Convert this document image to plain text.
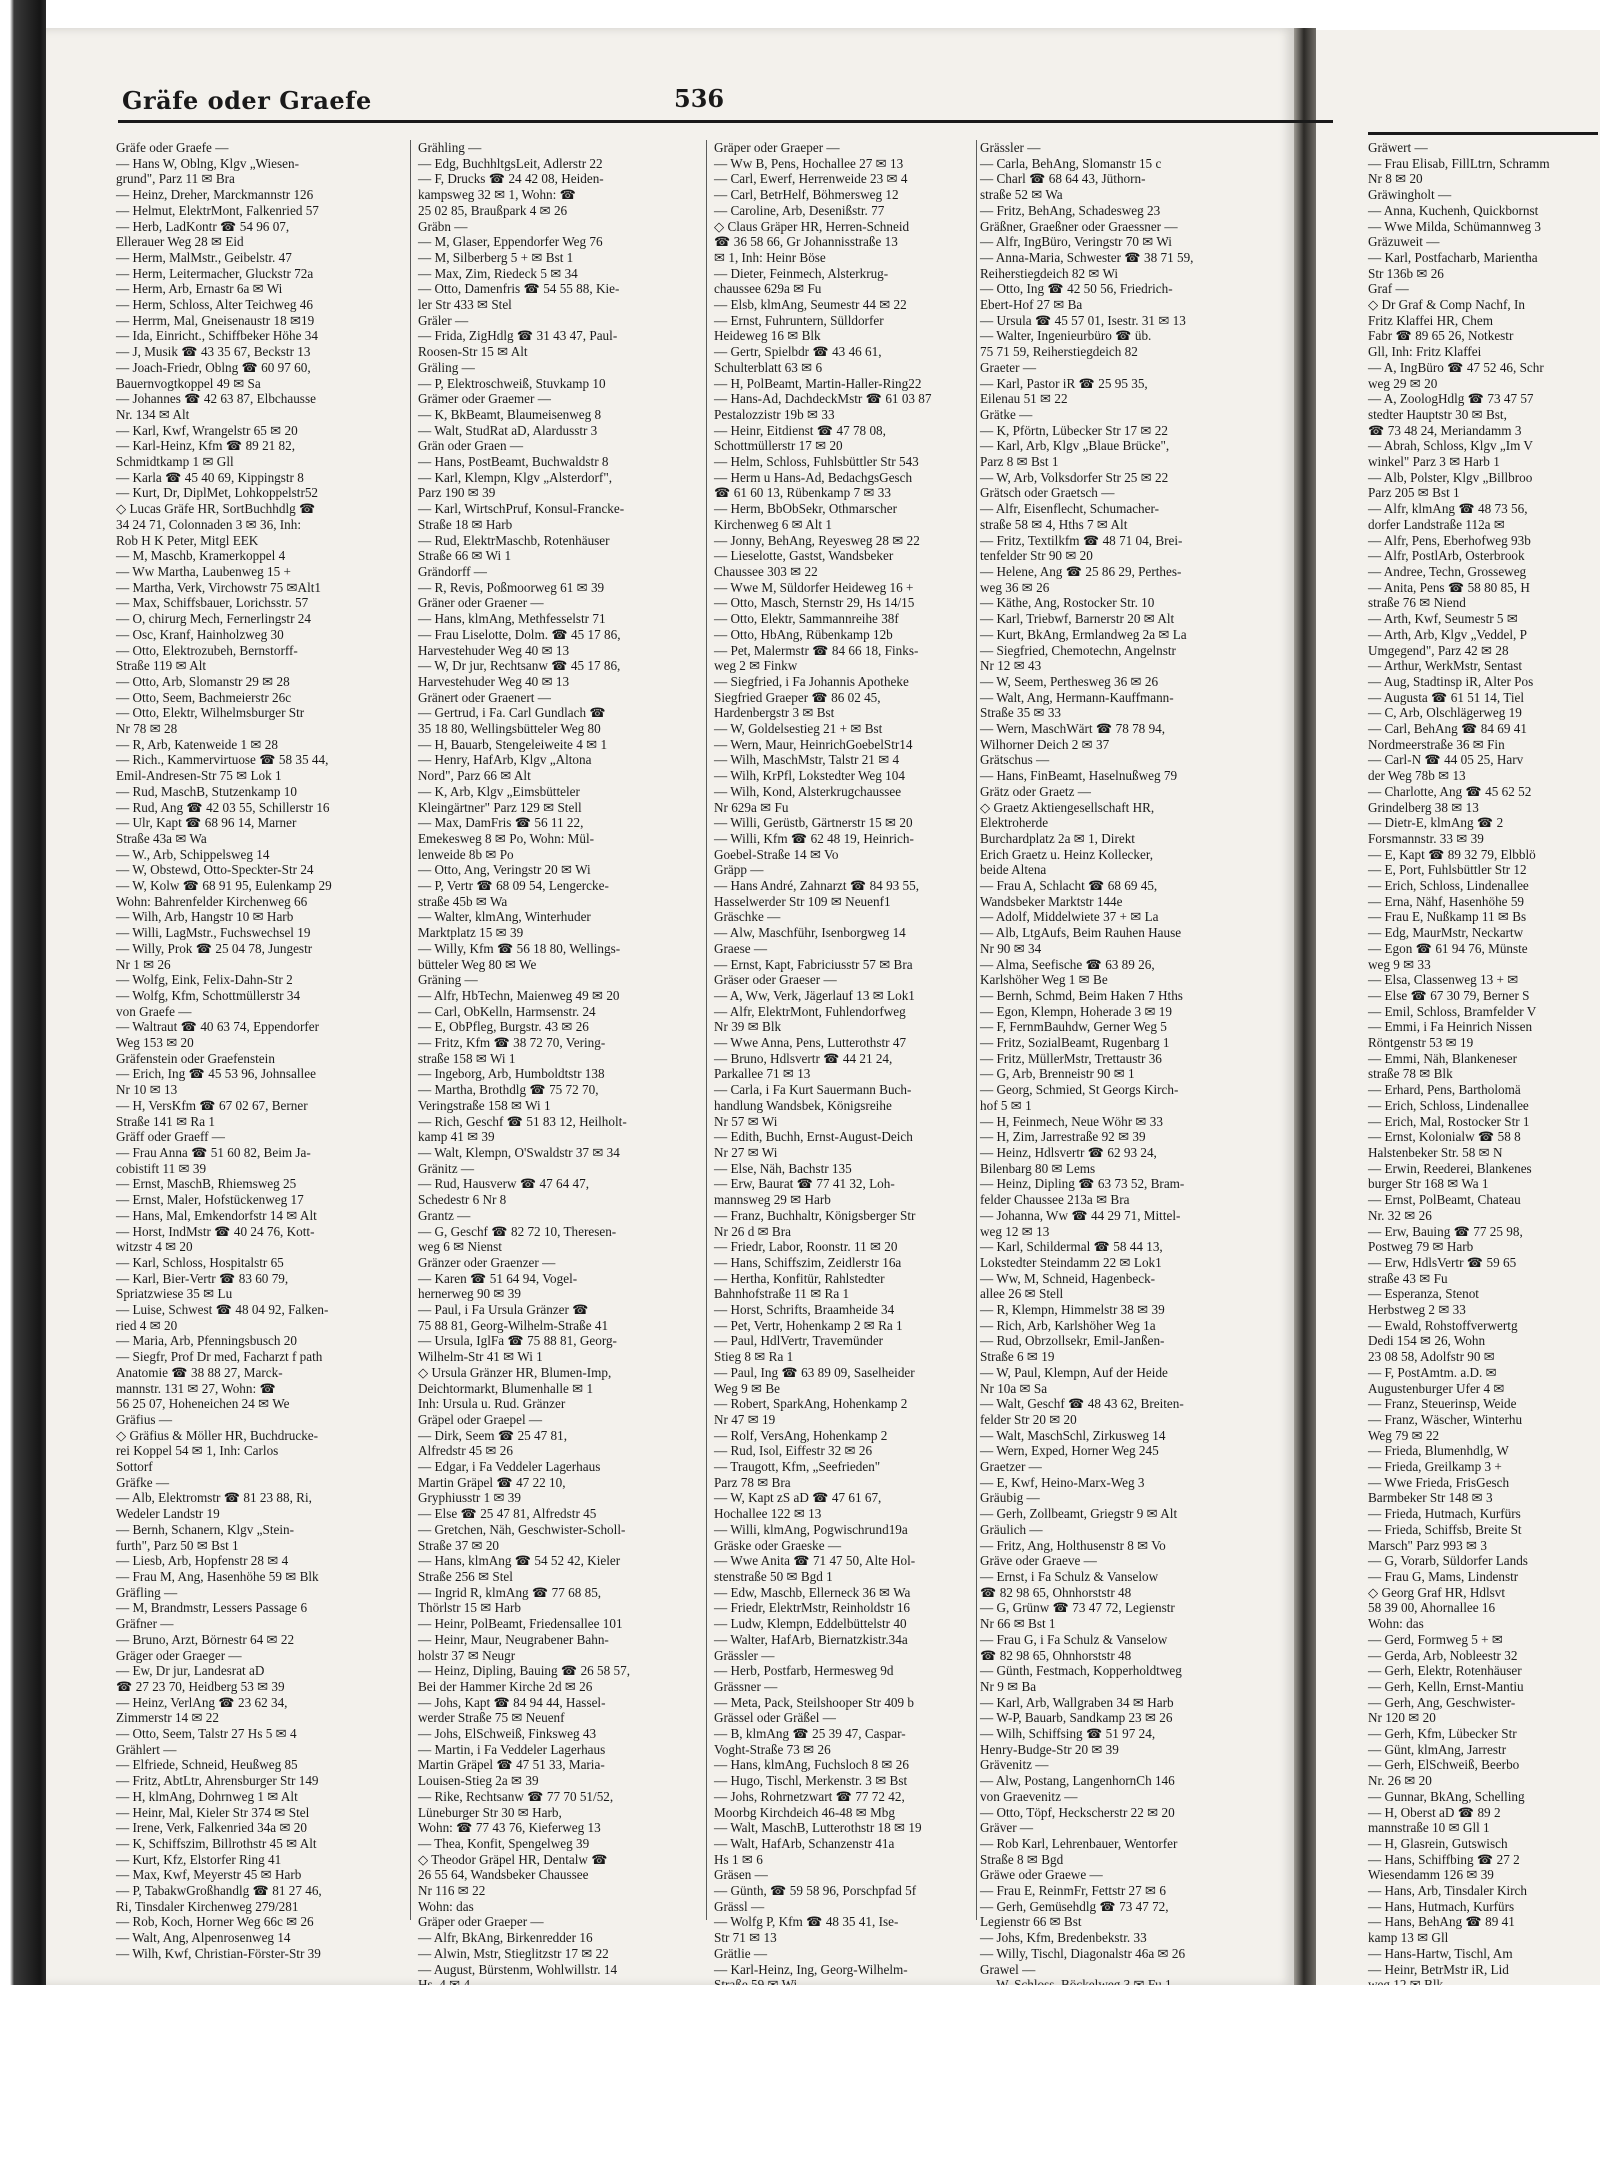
Gräfe oder Graefe	536
Gräfe oder Graefe —
— Hans W, Oblng, Klgv „Wiesen-
grund", Parz 11 ✉ Bra
— Heinz, Dreher, Marckmannstr 126
— Helmut, ElektrMont, Falkenried 57
— Herb, LadKontr ☎ 54 96 07,
Ellerauer Weg 28 ✉ Eid
— Herm, MalMstr., Geibelstr. 47
— Herm, Leitermacher, Gluckstr 72a
— Herm, Arb, Ernastr 6a ✉ Wi
— Herm, Schloss, Alter Teichweg 46
— Herrm, Mal, Gneisenaustr 18 ✉19
— Ida, Einricht., Schiffbeker Höhe 34
— J, Musik ☎ 43 35 67, Beckstr 13
— Joach-Friedr, Oblng ☎ 60 97 60,
Bauernvogtkoppel 49 ✉ Sa
— Johannes ☎ 42 63 87, Elbchausse
Nr. 134 ✉ Alt
— Karl, Kwf, Wrangelstr 65 ✉ 20
— Karl-Heinz, Kfm ☎ 89 21 82,
Schmidtkamp 1 ✉ Gll
— Karla ☎ 45 40 69, Kippingstr 8
— Kurt, Dr, DiplMet, Lohkoppelstr52
◇ Lucas Gräfe HR, SortBuchhdlg ☎
34 24 71, Colonnaden 3 ✉ 36, Inh:
Rob H K Peter, Mitgl EEK
— M, Maschb, Kramerkoppel 4
— Ww Martha, Laubenweg 15 +
— Martha, Verk, Virchowstr 75 ✉Alt1
— Max, Schiffsbauer, Lorichsstr. 57
— O, chirurg Mech, Fernerlingstr 24
— Osc, Kranf, Hainholzweg 30
— Otto, Elektrozubeh, Bernstorff-
Straße 119 ✉ Alt
— Otto, Arb, Slomanstr 29 ✉ 28
— Otto, Seem, Bachmeierstr 26c
— Otto, Elektr, Wilhelmsburger Str
Nr 78 ✉ 28
— R, Arb, Katenweide 1 ✉ 28
— Rich., Kammervirtuose ☎ 58 35 44,
Emil-Andresen-Str 75 ✉ Lok 1
— Rud, MaschB, Stutzenkamp 10
— Rud, Ang ☎ 42 03 55, Schillerstr 16
— Ulr, Kapt ☎ 68 96 14, Marner
Straße 43a ✉ Wa
— W., Arb, Schippelsweg 14
— W, Obstewd, Otto-Speckter-Str 24
— W, Kolw ☎ 68 91 95, Eulenkamp 29
Wohn: Bahrenfelder Kirchenweg 66
— Wilh, Arb, Hangstr 10 ✉ Harb
— Willi, LagMstr., Fuchswechsel 19
— Willy, Prok ☎ 25 04 78, Jungestr
Nr 1 ✉ 26
— Wolfg, Eink, Felix-Dahn-Str 2
— Wolfg, Kfm, Schottmüllerstr 34
von Graefe —
— Waltraut ☎ 40 63 74, Eppendorfer
Weg 153 ✉ 20
Gräfenstein oder Graefenstein
— Erich, Ing ☎ 45 53 96, Johnsallee
Nr 10 ✉ 13
— H, VersKfm ☎ 67 02 67, Berner
Straße 141 ✉ Ra 1
Gräff oder Graeff —
— Frau Anna ☎ 51 60 82, Beim Ja-
cobistift 11 ✉ 39
— Ernst, MaschB, Rhiemsweg 25
— Ernst, Maler, Hofstückenweg 17
— Hans, Mal, Emkendorfstr 14 ✉ Alt
— Horst, IndMstr ☎ 40 24 76, Kott-
witzstr 4 ✉ 20
— Karl, Schloss, Hospitalstr 65
— Karl, Bier-Vertr ☎ 83 60 79,
Spriatzwiese 35 ✉ Lu
— Luise, Schwest ☎ 48 04 92, Falken-
ried 4 ✉ 20
— Maria, Arb, Pfenningsbusch 20
— Siegfr, Prof Dr med, Facharzt f path
Anatomie ☎ 38 88 27, Marck-
mannstr. 131 ✉ 27, Wohn: ☎
56 25 07, Hoheneichen 24 ✉ We
Gräfius —
◇ Gräfius & Möller HR, Buchdrucke-
rei Koppel 54 ✉ 1, Inh: Carlos
Sottorf
Gräfke —
— Alb, Elektromstr ☎ 81 23 88, Ri,
Wedeler Landstr 19
— Bernh, Schanern, Klgv „Stein-
furth", Parz 50 ✉ Bst 1
— Liesb, Arb, Hopfenstr 28 ✉ 4
— Frau M, Ang, Hasenhöhe 59 ✉ Blk
Gräfling —
— M, Brandmstr, Lessers Passage 6
Gräfner —
— Bruno, Arzt, Börnestr 64 ✉ 22
Gräger oder Graeger —
— Ew, Dr jur, Landesrat aD
☎ 27 23 70, Heidberg 53 ✉ 39
— Heinz, VerlAng ☎ 23 62 34,
Zimmerstr 14 ✉ 22
— Otto, Seem, Talstr 27 Hs 5 ✉ 4
Grählert —
— Elfriede, Schneid, Heußweg 85
— Fritz, AbtLtr, Ahrensburger Str 149
— H, klmAng, Dohrnweg 1 ✉ Alt
— Heinr, Mal, Kieler Str 374 ✉ Stel
— Irene, Verk, Falkenried 34a ✉ 20
— K, Schiffszim, Billrothstr 45 ✉ Alt
— Kurt, Kfz, Elstorfer Ring 41
— Max, Kwf, Meyerstr 45 ✉ Harb
— P, TabakwGroßhandlg ☎ 81 27 46,
Ri, Tinsdaler Kirchenweg 279/281
— Rob, Koch, Horner Weg 66c ✉ 26
— Walt, Ang, Alpenrosenweg 14
— Wilh, Kwf, Christian-Förster-Str 39
Grähling —
— Edg, BuchhltgsLeit, Adlerstr 22
— F, Drucks ☎ 24 42 08, Heiden-
kampsweg 32 ✉ 1, Wohn: ☎
25 02 85, Braußpark 4 ✉ 26
Gräbn —
— M, Glaser, Eppendorfer Weg 76
— M, Silberberg 5 + ✉ Bst 1
— Max, Zim, Riedeck 5 ✉ 34
— Otto, Damenfris ☎ 54 55 88, Kie-
ler Str 433 ✉ Stel
Gräler —
— Frida, ZigHdlg ☎ 31 43 47, Paul-
Roosen-Str 15 ✉ Alt
Gräling —
— P, Elektroschweiß, Stuvkamp 10
Grämer oder Graemer —
— K, BkBeamt, Blaumeisenweg 8
— Walt, StudRat aD, Alardusstr 3
Grän oder Graen —
— Hans, PostBeamt, Buchwaldstr 8
— Karl, Klempn, Klgv „Alsterdorf",
Parz 190 ✉ 39
— Karl, WirtschPruf, Konsul-Francke-
Straße 18 ✉ Harb
— Rud, ElektrMaschb, Rotenhäuser
Straße 66 ✉ Wi 1
Grändorff —
— R, Revis, Poßmoorweg 61 ✉ 39
Gräner oder Graener —
— Hans, klmAng, Methfesselstr 71
— Frau Liselotte, Dolm. ☎ 45 17 86,
Harvestehuder Weg 40 ✉ 13
— W, Dr jur, Rechtsanw ☎ 45 17 86,
Harvestehuder Weg 40 ✉ 13
Gränert oder Graenert —
— Gertrud, i Fa. Carl Gundlach ☎
35 18 80, Wellingsbütteler Weg 80
— H, Bauarb, Stengeleiweite 4 ✉ 1
— Henry, HafArb, Klgv „Altona
Nord", Parz 66 ✉ Alt
— K, Arb, Klgv „Eimsbütteler
Kleingärtner" Parz 129 ✉ Stell
— Max, DamFris ☎ 56 11 22,
Emekesweg 8 ✉ Po, Wohn: Mül-
lenweide 8b ✉ Po
— Otto, Ang, Veringstr 20 ✉ Wi
— P, Vertr ☎ 68 09 54, Lengercke-
straße 45b ✉ Wa
— Walter, klmAng, Winterhuder
Marktplatz 15 ✉ 39
— Willy, Kfm ☎ 56 18 80, Wellings-
bütteler Weg 80 ✉ We
Gräning —
— Alfr, HbTechn, Maienweg 49 ✉ 20
— Carl, ObKelln, Harmsenstr. 24
— E, ObPfleg, Burgstr. 43 ✉ 26
— Fritz, Kfm ☎ 38 72 70, Vering-
straße 158 ✉ Wi 1
— Ingeborg, Arb, Humboldtstr 138
— Martha, Brothdlg ☎ 75 72 70,
Veringstraße 158 ✉ Wi 1
— Rich, Geschf ☎ 51 83 12, Heilholt-
kamp 41 ✉ 39
— Walt, Klempn, O'Swaldstr 37 ✉ 34
Gränitz —
— Rud, Hausverw ☎ 47 64 47,
Schedestr 6 Nr 8
Grantz —
— G, Geschf ☎ 82 72 10, Theresen-
weg 6 ✉ Nienst
Gränzer oder Graenzer —
— Karen ☎ 51 64 94, Vogel-
hernerweg 90 ✉ 39
— Paul, i Fa Ursula Gränzer ☎
75 88 81, Georg-Wilhelm-Straße 41
— Ursula, IglFa ☎ 75 88 81, Georg-
Wilhelm-Str 41 ✉ Wi 1
◇ Ursula Gränzer HR, Blumen-Imp,
Deichtormarkt, Blumenhalle ✉ 1
Inh: Ursula u. Rud. Gränzer
Gräpel oder Graepel —
— Dirk, Seem ☎ 25 47 81,
Alfredstr 45 ✉ 26
— Edgar, i Fa Veddeler Lagerhaus
Martin Gräpel ☎ 47 22 10,
Gryphiusstr 1 ✉ 39
— Else ☎ 25 47 81, Alfredstr 45
— Gretchen, Näh, Geschwister-Scholl-
Straße 37 ✉ 20
— Hans, klmAng ☎ 54 52 42, Kieler
Straße 256 ✉ Stel
— Ingrid R, klmAng ☎ 77 68 85,
Thörlstr 15 ✉ Harb
— Heinr, PolBeamt, Friedensallee 101
— Heinr, Maur, Neugrabener Bahn-
holstr 37 ✉ Neugr
— Heinz, Dipling, Bauing ☎ 26 58 57,
Bei der Hammer Kirche 2d ✉ 26
— Johs, Kapt ☎ 84 94 44, Hassel-
werder Straße 75 ✉ Neuenf
— Johs, ElSchweiß, Finksweg 43
— Martin, i Fa Veddeler Lagerhaus
Martin Gräpel ☎ 47 51 33, Maria-
Louisen-Stieg 2a ✉ 39
— Rike, Rechtsanw ☎ 77 70 51/52,
Lüneburger Str 30 ✉ Harb,
Wohn: ☎ 77 43 76, Kieferweg 13
— Thea, Konfit, Spengelweg 39
◇ Theodor Gräpel HR, Dentalw ☎
26 55 64, Wandsbeker Chaussee
Nr 116 ✉ 22
Wohn: das
Gräper oder Graeper —
— Alfr, BkAng, Birkenredder 16
— Alwin, Mstr, Stieglitzstr 17 ✉ 22
— August, Bürstenm, Wohlwillstr. 14
Gräper oder Graeper —
— Ww B, Pens, Hochallee 27 ✉ 13
— Carl, Ewerf, Herrenweide 23 ✉ 4
— Carl, BetrHelf, Böhmersweg 12
— Caroline, Arb, Desenißstr. 77
◇ Claus Gräper HR, Herren-Schneid
☎ 36 58 66, Gr Johannisstraße 13
✉ 1, Inh: Heinr Böse
— Dieter, Feinmech, Alsterkrug-
chaussee 629a ✉ Fu
— Elsb, klmAng, Seumestr 44 ✉ 22
— Ernst, Fuhruntern, Sülldorfer
Heideweg 16 ✉ Blk
— Gertr, Spielbdr ☎ 43 46 61,
Schulterblatt 63 ✉ 6
— H, PolBeamt, Martin-Haller-Ring22
— Hans-Ad, DachdeckMstr ☎ 61 03 87
Pestalozzistr 19b ✉ 33
— Heinr, Eitdienst ☎ 47 78 08,
Schottmüllerstr 17 ✉ 20
— Helm, Schloss, Fuhlsbüttler Str 543
— Herm u Hans-Ad, BedachgsGesch
☎ 61 60 13, Rübenkamp 7 ✉ 33
— Herm, BbObSekr, Othmarscher
Kirchenweg 6 ✉ Alt 1
— Jonny, BehAng, Reyesweg 28 ✉ 22
— Lieselotte, Gastst, Wandsbeker
Chaussee 303 ✉ 22
— Wwe M, Süldorfer Heideweg 16 +
— Otto, Masch, Sternstr 29, Hs 14/15
— Otto, Elektr, Sammannreihe 38f
— Otto, HbAng, Rübenkamp 12b
— Pet, Malermstr ☎ 84 66 18, Finks-
weg 2 ✉ Finkw
— Siegfried, i Fa Johannis Apotheke
Siegfried Graeper ☎ 86 02 45,
Hardenbergstr 3 ✉ Bst
— W, Goldelsestieg 21 + ✉ Bst
— Wern, Maur, HeinrichGoebelStr14
— Wilh, MaschMstr, Talstr 21 ✉ 4
— Wilh, KrPfl, Lokstedter Weg 104
— Wilh, Kond, Alsterkrugchaussee
Nr 629a ✉ Fu
— Willi, Gerüstb, Gärtnerstr 15 ✉ 20
— Willi, Kfm ☎ 62 48 19, Heinrich-
Goebel-Straße 14 ✉ Vo
Gräpp —
— Hans André, Zahnarzt ☎ 84 93 55,
Hasselwerder Str 109 ✉ Neuenf1
Gräschke —
— Alw, Maschführ, Isenborgweg 14
Graese —
— Ernst, Kapt, Fabriciusstr 57 ✉ Bra
Gräser oder Graeser —
— A, Ww, Verk, Jägerlauf 13 ✉ Lok1
— Alfr, ElektrMont, Fuhlendorfweg
Nr 39 ✉ Blk
— Wwe Anna, Pens, Lutterothstr 47
— Bruno, Hdlsvertr ☎ 44 21 24,
Parkallee 71 ✉ 13
— Carla, i Fa Kurt Sauermann Buch-
handlung Wandsbek, Königsreihe
Nr 57 ✉ Wi
— Edith, Buchh, Ernst-August-Deich
Nr 27 ✉ Wi
— Else, Näh, Bachstr 135
— Erw, Baurat ☎ 77 41 32, Loh-
mannsweg 29 ✉ Harb
— Franz, Buchhaltr, Königsberger Str
Nr 26 d ✉ Bra
— Friedr, Labor, Roonstr. 11 ✉ 20
— Hans, Schiffszim, Zeidlerstr 16a
— Hertha, Konfitür, Rahlstedter
Bahnhofstraße 11 ✉ Ra 1
— Horst, Schrifts, Braamheide 34
— Pet, Vertr, Hohenkamp 2 ✉ Ra 1
— Paul, HdlVertr, Travemünder
Stieg 8 ✉ Ra 1
— Paul, Ing ☎ 63 89 09, Saselheider
Weg 9 ✉ Be
— Robert, SparkAng, Hohenkamp 2
Nr 47 ✉ 19
— Rolf, VersAng, Hohenkamp 2
— Rud, Isol, Eiffestr 32 ✉ 26
— Traugott, Kfm, „Seefrieden"
Parz 78 ✉ Bra
— W, Kapt zS aD ☎ 47 61 67,
Hochallee 122 ✉ 13
— Willi, klmAng, Pogwischrund19a
Gräske oder Graeske —
— Wwe Anita ☎ 71 47 50, Alte Hol-
stenstraße 50 ✉ Bgd 1
— Edw, Maschb, Ellerneck 36 ✉ Wa
— Friedr, ElektrMstr, Reinholdstr 16
— Ludw, Klempn, Eddelbüttelstr 40
— Walter, HafArb, Biernatzkistr.34a
Grässler —
— Herb, Postfarb, Hermesweg 9d
Grässner —
— Meta, Pack, Steilshooper Str 409 b
Grässel oder Gräßel —
— B, klmAng ☎ 25 39 47, Caspar-
Voght-Straße 73 ✉ 26
— Hans, klmAng, Fuchsloch 8 ✉ 26
— Hugo, Tischl, Merkenstr. 3 ✉ Bst
— Johs, Rohrnetzwart ☎ 77 72 42,
Moorbg Kirchdeich 46-48 ✉ Mbg
— Walt, MaschB, Lutterothstr 18 ✉ 19
— Walt, HafArb, Schanzenstr 41a
Hs 1 ✉ 6
Gräsen —
— Günth, ☎ 59 58 96, Porschpfad 5f
Grässl —
— Wolfg P, Kfm ☎ 48 35 41, Ise-
Str 71 ✉ 13
Grätlie —
— Karl-Heinz, Ing, Georg-Wilhelm-
Grässler —
— Carla, BehAng, Slomanstr 15 c
— Charl ☎ 68 64 43, Jüthorn-
straße 52 ✉ Wa
— Fritz, BehAng, Schadesweg 23
Gräßner, Graeßner oder Graessner —
— Alfr, IngBüro, Veringstr 70 ✉ Wi
— Anna-Maria, Schwester ☎ 38 71 59,
Reiherstiegdeich 82 ✉ Wi
— Otto, Ing ☎ 42 50 56, Friedrich-
Ebert-Hof 27 ✉ Ba
— Ursula ☎ 45 57 01, Isestr. 31 ✉ 13
— Walter, Ingenieurbüro ☎ üb.
75 71 59, Reiherstiegdeich 82
Graeter —
— Karl, Pastor iR ☎ 25 95 35,
Eilenau 51 ✉ 22
Grätke —
— K, Pförtn, Lübecker Str 17 ✉ 22
— Karl, Arb, Klgv „Blaue Brücke",
Parz 8 ✉ Bst 1
— W, Arb, Volksdorfer Str 25 ✉ 22
Grätsch oder Graetsch —
— Alfr, Eisenflecht, Schumacher-
straße 58 ✉ 4, Hths 7 ✉ Alt
— Fritz, Textilkfm ☎ 48 71 04, Brei-
tenfelder Str 90 ✉ 20
— Helene, Ang ☎ 25 86 29, Perthes-
weg 36 ✉ 26
— Käthe, Ang, Rostocker Str. 10
— Karl, Triebwf, Barnerstr 20 ✉ Alt
— Kurt, BkAng, Ermlandweg 2a ✉ La
— Siegfried, Chemotechn, Angelnstr
Nr 12 ✉ 43
— W, Seem, Perthesweg 36 ✉ 26
— Walt, Ang, Hermann-Kauffmann-
Straße 35 ✉ 33
— Wern, MaschWärt ☎ 78 78 94,
Wilhorner Deich 2 ✉ 37
Grätschus —
— Hans, FinBeamt, Haselnußweg 79
Grätz oder Graetz —
◇ Graetz Aktiengesellschaft HR,
Elektroherde
Burchardplatz 2a ✉ 1, Direkt
Erich Graetz u. Heinz Kollecker,
beide Altena
— Frau A, Schlacht ☎ 68 69 45,
Wandsbeker Marktstr 144e
— Adolf, Middelwiete 37 + ✉ La
— Alb, LtgAufs, Beim Rauhen Hause
Nr 90 ✉ 34
— Alma, Seefische ☎ 63 89 26,
Karlshöher Weg 1 ✉ Be
— Bernh, Schmd, Beim Haken 7 Hths
— Egon, Klempn, Hoherade 3 ✉ 19
— F, FernmBauhdw, Gerner Weg 5
— Fritz, SozialBeamt, Rugenbarg 1
— Fritz, MüllerMstr, Trettaustr 36
— G, Arb, Brenneistr 90 ✉ 1
— Georg, Schmied, St Georgs Kirch-
hof 5 ✉ 1
— H, Feinmech, Neue Wöhr ✉ 33
— H, Zim, Jarrestraße 92 ✉ 39
— Heinz, Hdlsvertr ☎ 62 93 24,
Bilenbarg 80 ✉ Lems
— Heinz, Dipling ☎ 63 73 52, Bram-
felder Chaussee 213a ✉ Bra
— Johanna, Ww ☎ 44 29 71, Mittel-
weg 12 ✉ 13
— Karl, Schildermal ☎ 58 44 13,
Lokstedter Steindamm 22 ✉ Lok1
— Ww, M, Schneid, Hagenbeck-
allee 26 ✉ Stell
— R, Klempn, Himmelstr 38 ✉ 39
— Rich, Arb, Karlshöher Weg 1a
— Rud, Obrzollsekr, Emil-Janßen-
Straße 6 ✉ 19
— W, Paul, Klempn, Auf der Heide
Nr 10a ✉ Sa
— Walt, Geschf ☎ 48 43 62, Breiten-
felder Str 20 ✉ 20
— Walt, MaschSchl, Zirkusweg 14
— Wern, Exped, Horner Weg 245
Graetzer —
— E, Kwf, Heino-Marx-Weg 3
Gräubig —
— Gerh, Zollbeamt, Griegstr 9 ✉ Alt
Gräulich —
— Fritz, Ang, Holthusenstr 8 ✉ Vo
Gräve oder Graeve —
— Ernst, i Fa Schulz & Vanselow
☎ 82 98 65, Ohnhorststr 48
— G, Grünw ☎ 73 47 72, Legienstr
Nr 66 ✉ Bst 1
— Frau G, i Fa Schulz & Vanselow
☎ 82 98 65, Ohnhorststr 48
— Günth, Festmach, Kopperholdtweg
Nr 9 ✉ Ba
— Karl, Arb, Wallgraben 34 ✉ Harb
— W-P, Bauarb, Sandkamp 23 ✉ 26
— Wilh, Schiffsing ☎ 51 97 24,
Henry-Budge-Str 20 ✉ 39
Grävenitz —
— Alw, Postang, LangenhornCh 146
von Graevenitz —
— Otto, Töpf, Heckscherstr 22 ✉ 20
Gräver —
— Rob Karl, Lehrenbauer, Wentorfer
Straße 8 ✉ Bgd
Gräwe oder Graewe —
— Frau E, ReinmFr, Fettstr 27 ✉ 6
— Gerh, Gemüsehdlg ☎ 73 47 72,
Legienstr 66 ✉ Bst
— Johs, Kfm, Bredenbekstr. 33
— Willy, Tischl, Diagonalstr 46a ✉ 26
Grawel —
Gräwert —
— Frau Elisab, FillLtrn, Schramm
Nr 8 ✉ 20
Gräwingholt —
— Anna, Kuchenh, Quickbornst
— Wwe Milda, Schümannweg 3
Gräzuweit —
— Karl, Postfacharb, Marientha
Str 136b ✉ 26
Graf —
◇ Dr Graf & Comp Nachf, In
Fritz Klaffei HR, Chem
Fabr ☎ 89 65 26, Notkestr
Gll, Inh: Fritz Klaffei
— A, IngBüro ☎ 47 52 46, Schr
weg 29 ✉ 20
— A, ZoologHdlg ☎ 73 47 57
stedter Hauptstr 30 ✉ Bst,
☎ 73 48 24, Meriandamm 3
— Abrah, Schloss, Klgv „Im V
winkel" Parz 3 ✉ Harb 1
— Alb, Polster, Klgv „Billbroo
Parz 205 ✉ Bst 1
— Alfr, klmAng ☎ 48 73 56,
dorfer Landstraße 112a ✉
— Alfr, Pens, Eberhofweg 93b
— Alfr, PostlArb, Osterbrook
— Andree, Techn, Grosseweg
— Anita, Pens ☎ 58 80 85, H
straße 76 ✉ Niend
— Arth, Kwf, Seumestr 5 ✉
— Arth, Arb, Klgv „Veddel, P
Umgegend", Parz 42 ✉ 28
— Arthur, WerkMstr, Sentast
— Aug, Stadtinsp iR, Alter Pos
— Augusta ☎ 61 51 14, Tiel
— C, Arb, Olschlägerweg 19
— Carl, BehAng ☎ 84 69 41
Nordmeerstraße 36 ✉ Fin
— Carl-N ☎ 44 05 25, Harv
der Weg 78b ✉ 13
— Charlotte, Ang ☎ 45 62 52
Grindelberg 38 ✉ 13
— Dietr-E, klmAng ☎ 2
Forsmannstr. 33 ✉ 39
— E, Kapt ☎ 89 32 79, Elbblö
— E, Port, Fuhlsbüttler Str 12
— Erich, Schloss, Lindenallee
— Erna, Nähf, Hasenhöhe 59
— Frau E, Nußkamp 11 ✉ Bs
— Edg, MaurMstr, Neckartw
— Egon ☎ 61 94 76, Münste
weg 9 ✉ 33
— Elsa, Classenweg 13 + ✉
— Else ☎ 67 30 79, Berner S
— Emil, Schloss, Bramfelder V
— Emmi, i Fa Heinrich Nissen
Röntgenstr 53 ✉ 19
— Emmi, Näh, Blankeneser
straße 78 ✉ Blk
— Erhard, Pens, Bartholomä
— Erich, Schloss, Lindenallee
— Erich, Mal, Rostocker Str 1
— Ernst, Kolonialw ☎ 58 8
Halstenbeker Str. 58 ✉ N
— Erwin, Reederei, Blankenes
burger Str 168 ✉ Wa 1
— Ernst, PolBeamt, Chateau
Nr. 32 ✉ 26
— Erw, Bauing ☎ 77 25 98,
Postweg 79 ✉ Harb
— Erw, HdlsVertr ☎ 59 65
straße 43 ✉ Fu
— Esperanza, Stenot
Herbstweg 2 ✉ 33
— Ewald, Rohstoffverwertg
Dedi 154 ✉ 26, Wohn
23 08 58, Adolfstr 90 ✉
— F, PostAmtm. a.D. ✉
Augustenburger Ufer 4 ✉
— Franz, Steuerinsp, Weide
— Franz, Wäscher, Winterhu
Weg 79 ✉ 22
— Frieda, Blumenhdlg, W
— Frieda, Greilkamp 3 +
— Wwe Frieda, FrisGesch
Barmbeker Str 148 ✉ 3
— Frieda, Hutmach, Kurfürs
— Frieda, Schiffsb, Breite St
Marsch" Parz 993 ✉ 3
— G, Vorarb, Süldorfer Lands
— Frau G, Mams, Lindenstr
◇ Georg Graf HR, Hdlsvt
58 39 00, Ahornallee 16
Wohn: das
— Gerd, Formweg 5 + ✉
— Gerda, Arb, Nobleestr 32
— Gerh, Elektr, Rotenhäuser
— Gerh, Kelln, Ernst-Mantiu
— Gerh, Ang, Geschwister-
Nr 120 ✉ 20
— Gerh, Kfm, Lübecker Str
— Günt, klmAng, Jarrestr
— Gerh, ElSchweiß, Beerbo
Nr. 26 ✉ 20
— Gunnar, BkAng, Schelling
— H, Oberst aD ☎ 89 2
mannstraße 10 ✉ Gll 1
— H, Glasrein, Gutswisch
— Hans, Schiffbing ☎ 27 2
Wiesendamm 126 ✉ 39
— Hans, Arb, Tinsdaler Kirch
— Hans, Hutmach, Kurfürs
— Hans, BehAng ☎ 89 41
kamp 13 ✉ Gll
— Hans-Hartw, Tischl, Am
— Heinr, BetrMstr iR, Lid
